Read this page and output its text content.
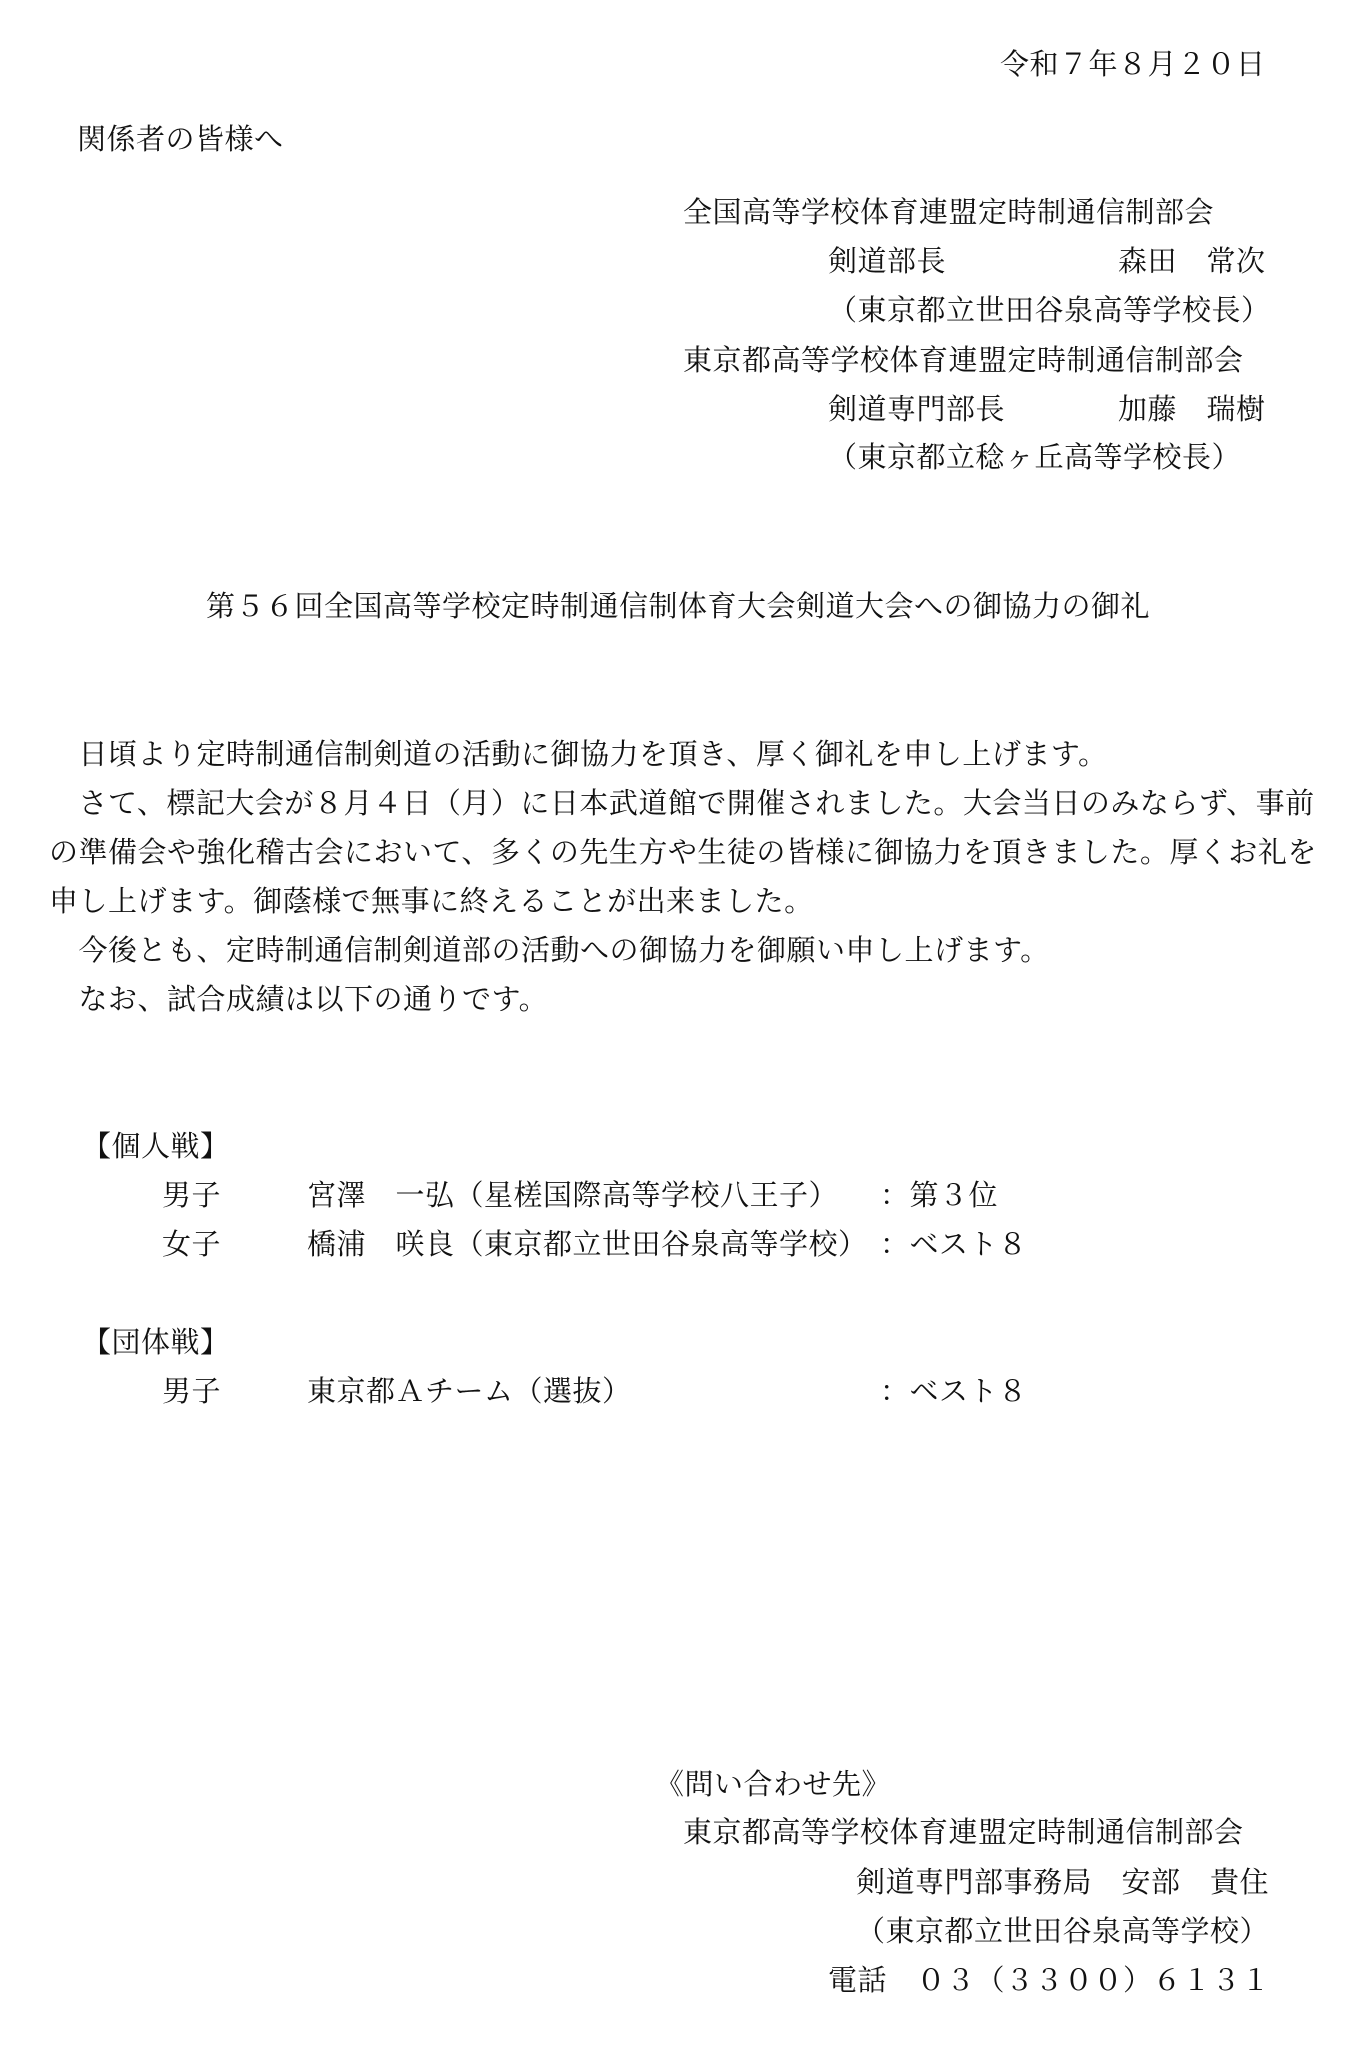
令和７年８月２０日
関係者の皆様へ
全国高等学校体育連盟定時制通信制部会
剣道部長	森田　常次
（東京都立世田谷泉高等学校長）
東京都高等学校体育連盟定時制通信制部会
剣道専門部長	加藤　瑞樹
（東京都立稔ヶ丘高等学校長）
第５６回全国高等学校定時制通信制体育大会剣道大会への御協力の御礼
　日頃より定時制通信制剣道の活動に御協力を頂き、厚く御礼を申し上げます。
　さて、標記大会が８月４日（月）に日本武道館で開催されました。大会当日のみならず、事前
の準備会や強化稽古会において、多くの先生方や生徒の皆様に御協力を頂きました。厚くお礼を
申し上げます。御蔭様で無事に終えることが出来ました。
　今後とも、定時制通信制剣道部の活動への御協力を御願い申し上げます。
　なお、試合成績は以下の通りです。
【個人戦】
男子	宮澤　一弘（星槎国際高等学校八王子） ：第３位
女子	橋浦　咲良（東京都立世田谷泉高等学校） ：ベスト８
【団体戦】
男子	東京都Ａチーム（選抜）	：ベスト８
《問い合わせ先》
東京都高等学校体育連盟定時制通信制部会
剣道専門部事務局　安部　貴住
（東京都立世田谷泉高等学校）
電話　０３（３３００）６１３１
